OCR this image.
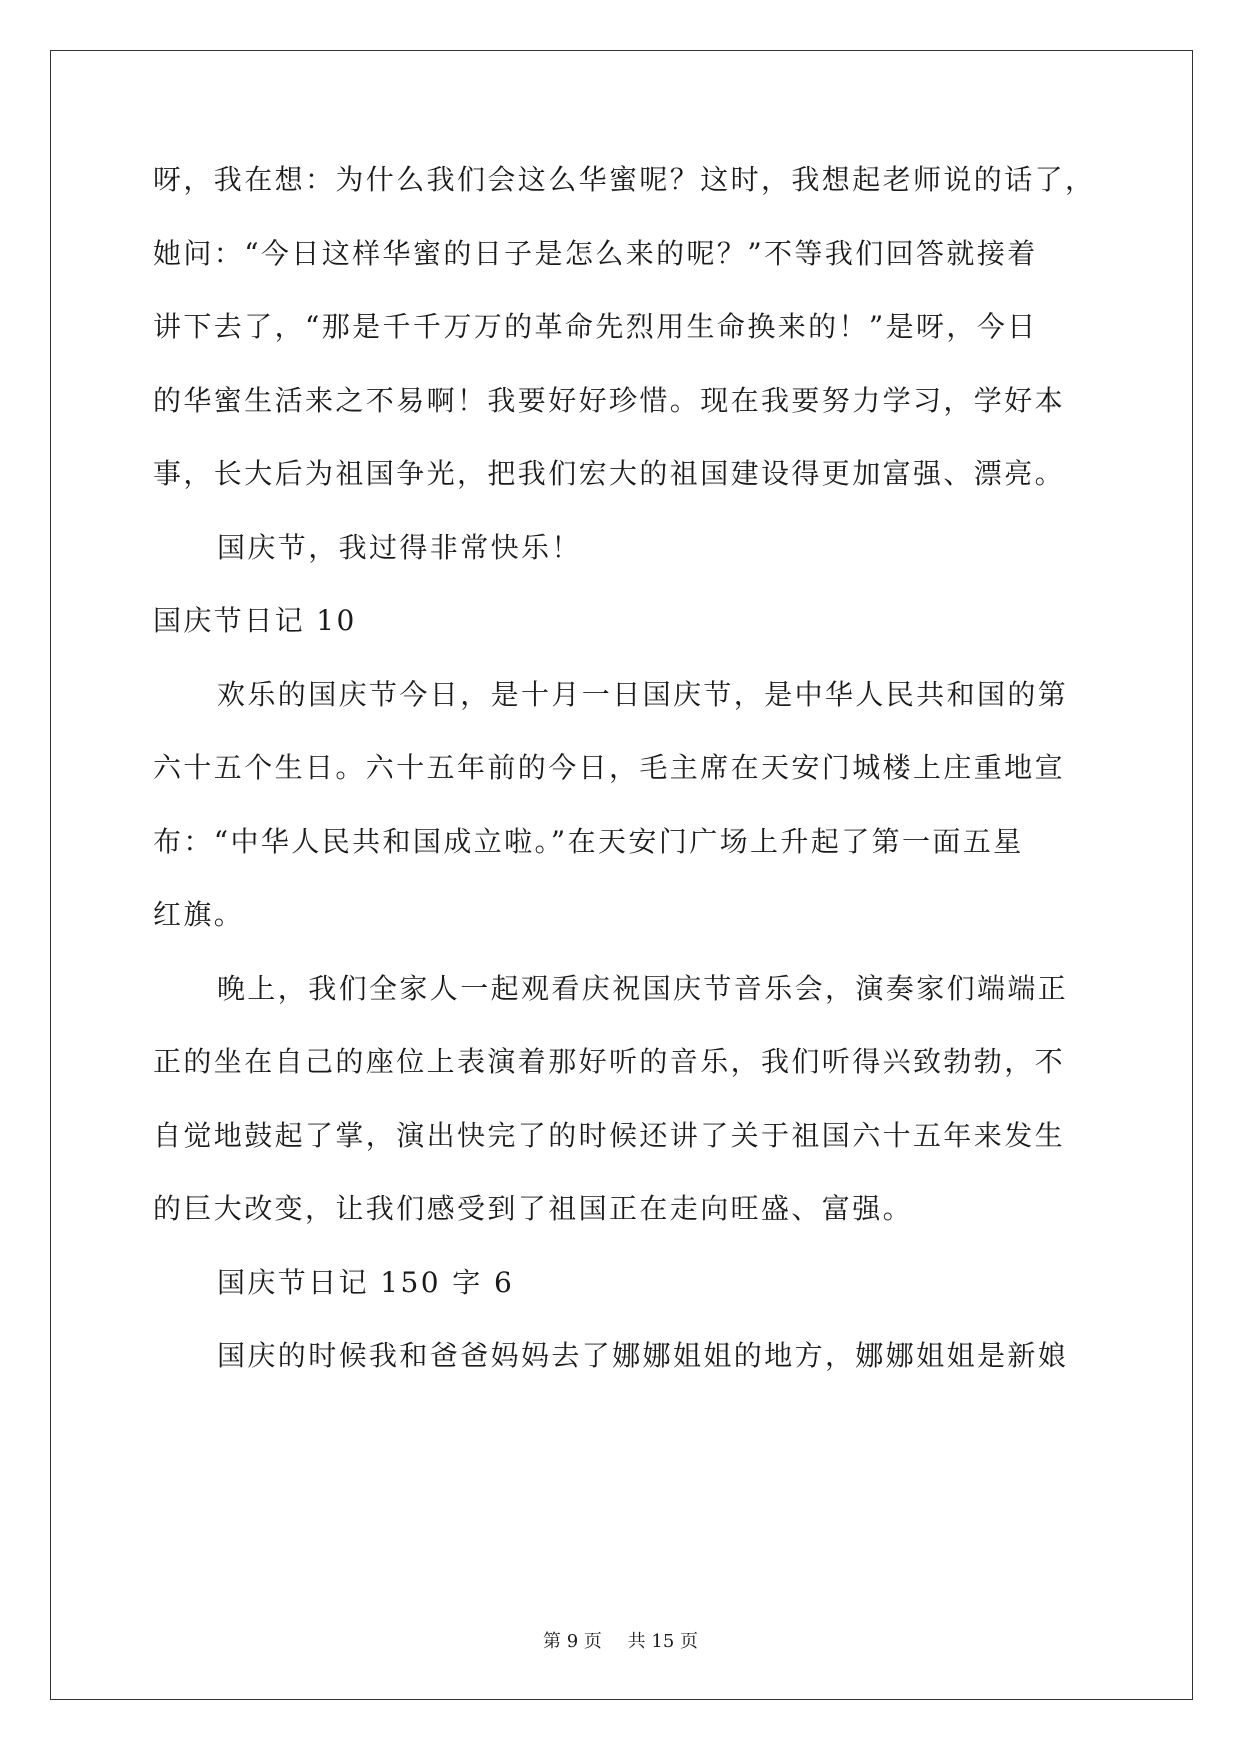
呀，我在想：为什么我们会这么华蜜呢？这时，我想起老师说的话了，
她问：“今日这样华蜜的日子是怎么来的呢？”不等我们回答就接着
讲下去了，“那是千千万万的革命先烈用生命换来的！”是呀，今日
的华蜜生活来之不易啊！我要好好珍惜。现在我要努力学习，学好本
事，长大后为祖国争光，把我们宏大的祖国建设得更加富强、漂亮。
国庆节，我过得非常快乐！
国庆节日记 10
欢乐的国庆节今日，是十月一日国庆节，是中华人民共和国的第
六十五个生日。六十五年前的今日，毛主席在天安门城楼上庄重地宣
布：“中华人民共和国成立啦。”在天安门广场上升起了第一面五星
红旗。
晚上，我们全家人一起观看庆祝国庆节音乐会，演奏家们端端正
正的坐在自己的座位上表演着那好听的音乐，我们听得兴致勃勃，不
自觉地鼓起了掌，演出快完了的时候还讲了关于祖国六十五年来发生
的巨大改变，让我们感受到了祖国正在走向旺盛、富强。
国庆节日记 150 字 6
国庆的时候我和爸爸妈妈去了娜娜姐姐的地方，娜娜姐姐是新娘
第 9 页 共 15 页
